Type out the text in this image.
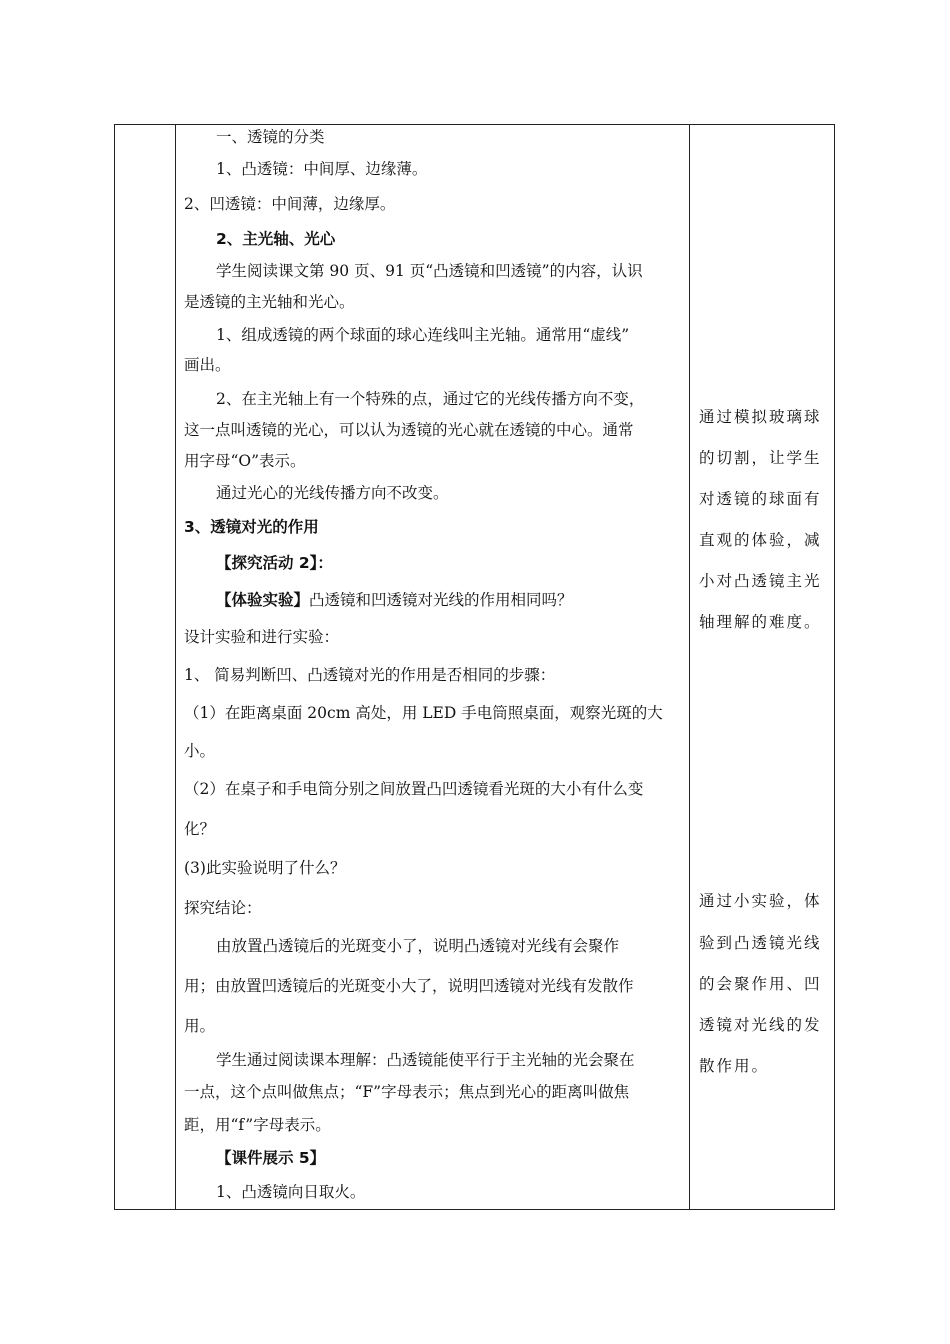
一、透镜的分类
1、凸透镜：中间厚、边缘薄。
2、凹透镜：中间薄，边缘厚。
2、主光轴、光心
学生阅读课文第 90 页、91 页“凸透镜和凹透镜”的内容，认识
是透镜的主光轴和光心。
1、组成透镜的两个球面的球心连线叫主光轴。通常用“虚线”
画出。
2、在主光轴上有一个特殊的点，通过它的光线传播方向不变，
这一点叫透镜的光心，可以认为透镜的光心就在透镜的中心。通常
用字母“O”表示。
通过光心的光线传播方向不改变。
3、透镜对光的作用
【探究活动 2】：
【体验实验】凸透镜和凹透镜对光线的作用相同吗？
设计实验和进行实验：
1、 简易判断凹、凸透镜对光的作用是否相同的步骤：
（1）在距离桌面 20cm 高处，用 LED 手电筒照桌面，观察光斑的大
小。
（2）在桌子和手电筒分别之间放置凸凹透镜看光斑的大小有什么变
化？
(3)此实验说明了什么？
探究结论：
由放置凸透镜后的光斑变小了，说明凸透镜对光线有会聚作
用；由放置凹透镜后的光斑变小大了，说明凹透镜对光线有发散作
用。
学生通过阅读课本理解：凸透镜能使平行于主光轴的光会聚在
一点，这个点叫做焦点；“F”字母表示；焦点到光心的距离叫做焦
距，用“f”字母表示。
【课件展示 5】
1、凸透镜向日取火。
通过模拟玻璃球
的切割，让学生
对透镜的球面有
直观的体验，减
小对凸透镜主光
轴理解的难度。
通过小实验，体
验到凸透镜光线
的会聚作用、凹
透镜对光线的发
散作用。
